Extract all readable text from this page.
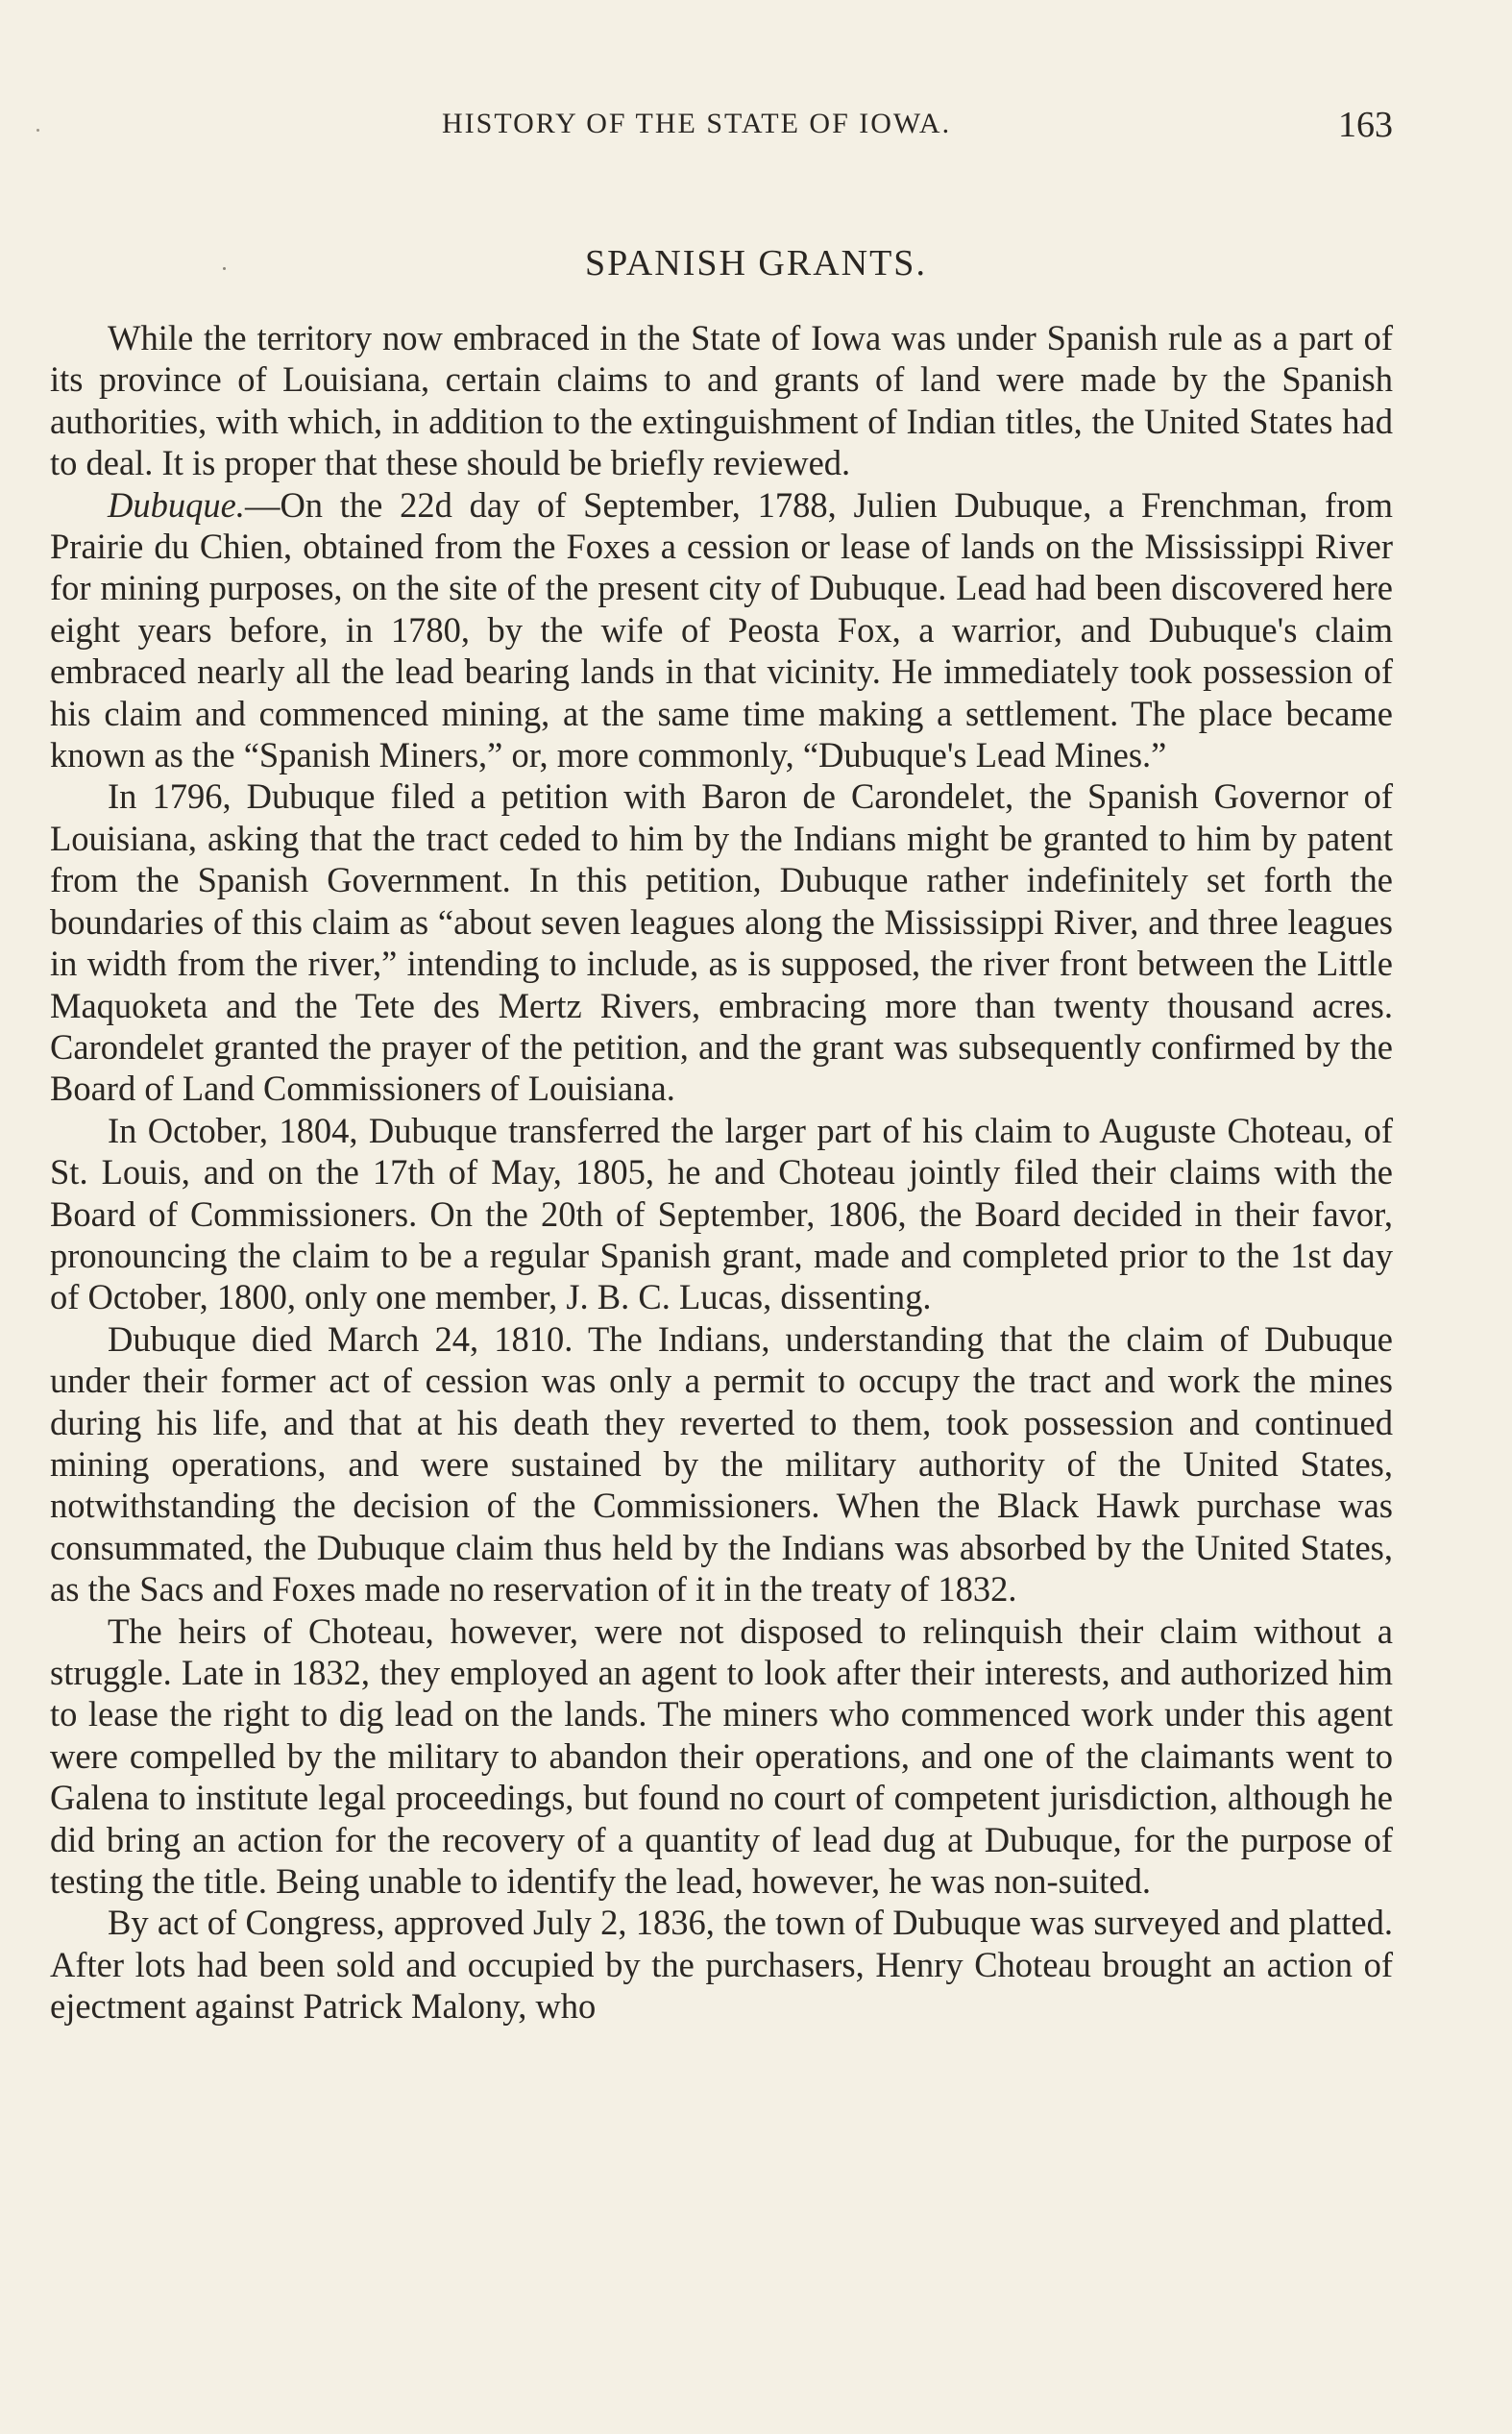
HISTORY OF THE STATE OF IOWA.	163
SPANISH GRANTS.

While the territory now embraced in the State of Iowa was under Spanish rule as a part of its province of Louisiana, certain claims to and grants of land were made by the Spanish authorities, with which, in addition to the extinguishment of Indian titles, the United States had to deal. It is proper that these should be briefly reviewed.

Dubuque.—On the 22d day of September, 1788, Julien Dubuque, a Frenchman, from Prairie du Chien, obtained from the Foxes a cession or lease of lands on the Mississippi River for mining purposes, on the site of the present city of Dubuque. Lead had been discovered here eight years before, in 1780, by the wife of Peosta Fox, a warrior, and Dubuque's claim embraced nearly all the lead bearing lands in that vicinity. He immediately took possession of his claim and commenced mining, at the same time making a settlement. The place became known as the “Spanish Miners,” or, more commonly, “Dubuque's Lead Mines.”

In 1796, Dubuque filed a petition with Baron de Carondelet, the Spanish Governor of Louisiana, asking that the tract ceded to him by the Indians might be granted to him by patent from the Spanish Government. In this petition, Dubuque rather indefinitely set forth the boundaries of this claim as “about seven leagues along the Mississippi River, and three leagues in width from the river,” intending to include, as is supposed, the river front between the Little Maquoketa and the Tete des Mertz Rivers, embracing more than twenty thousand acres. Carondelet granted the prayer of the petition, and the grant was subsequently confirmed by the Board of Land Commissioners of Louisiana.

In October, 1804, Dubuque transferred the larger part of his claim to Auguste Choteau, of St. Louis, and on the 17th of May, 1805, he and Choteau jointly filed their claims with the Board of Commissioners. On the 20th of September, 1806, the Board decided in their favor, pronouncing the claim to be a regular Spanish grant, made and completed prior to the 1st day of October, 1800, only one member, J. B. C. Lucas, dissenting.

Dubuque died March 24, 1810. The Indians, understanding that the claim of Dubuque under their former act of cession was only a permit to occupy the tract and work the mines during his life, and that at his death they reverted to them, took possession and continued mining operations, and were sustained by the military authority of the United States, notwithstanding the decision of the Commissioners. When the Black Hawk purchase was consummated, the Dubuque claim thus held by the Indians was absorbed by the United States, as the Sacs and Foxes made no reservation of it in the treaty of 1832.

The heirs of Choteau, however, were not disposed to relinquish their claim without a struggle. Late in 1832, they employed an agent to look after their interests, and authorized him to lease the right to dig lead on the lands. The miners who commenced work under this agent were compelled by the military to abandon their operations, and one of the claimants went to Galena to institute legal proceedings, but found no court of competent jurisdiction, although he did bring an action for the recovery of a quantity of lead dug at Dubuque, for the purpose of testing the title. Being unable to identify the lead, however, he was non-suited.

By act of Congress, approved July 2, 1836, the town of Dubuque was surveyed and platted. After lots had been sold and occupied by the purchasers, Henry Choteau brought an action of ejectment against Patrick Malony, who
